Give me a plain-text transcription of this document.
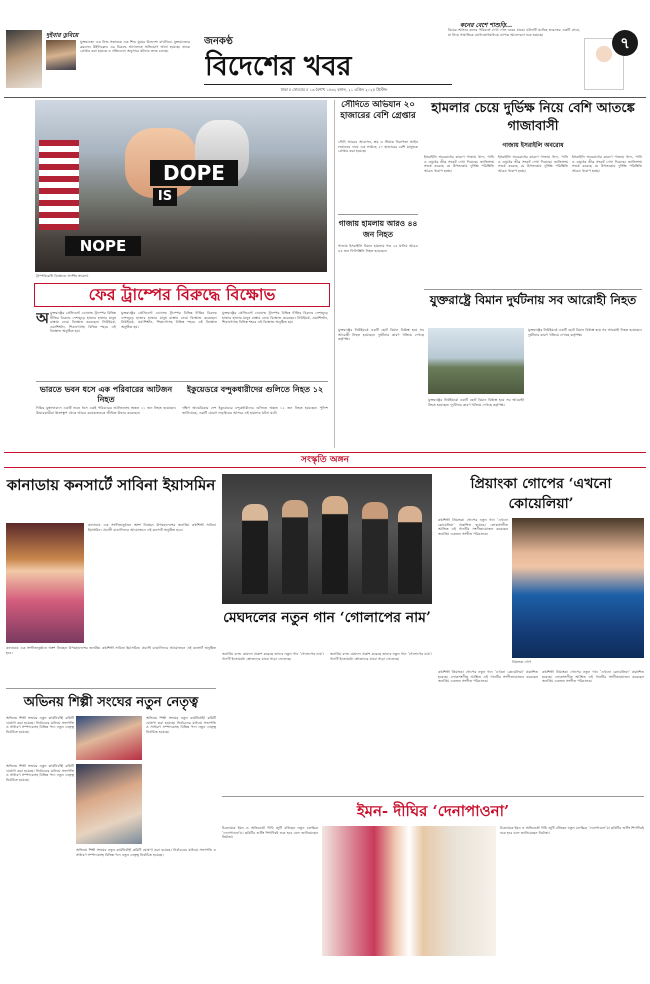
দুইবার ডুবিয়ে
যুক্তরাজ্যে এক নিজ সন্তানকে এক শিশু ঘুমের উদ্দেশ্যে বাথটাবে। যুক্তরাজ্যের ব্রমলেন উইনিফ্রেড এর বিরুদ্ধে আদালতে অভিযোগ আনা হয়েছে। তাকে গ্রেপ্তার করা হয়েছে ও প্রতিবেদন অনুসারে ঘটনার তদন্ত চলছে।
জনকণ্ঠ
বিদেশের খবর
ঢাকা ॥ সোমবার ॥ ১৩ বৈশাখ ১৪৩২ বঙ্গাব্দ, ২১ এপ্রিল ২০২৫ খ্রিস্টাব্দ
কনের বেশে শাশুড়ি...
বিয়ের আসরে কনের পরিবর্তে দেখা গেল বরের মাকে। ঘটনাটি ঘটেছে ভারতের একটি গ্রামে, যা নিয়ে সামাজিক যোগাযোগমাধ্যমে ব্যাপক আলোচনা শুরু হয়েছে।	৭
DOPE
IS
NOPE
ট্রাম্পবিরোধী বিক্ষোভে প্রদর্শিত প্ল্যাকার্ড
ফের ট্রাম্পের বিরুদ্ধে বিক্ষোভ
অ যুক্তরাষ্ট্রের প্রেসিডেন্ট ডোনাল্ড ট্রাম্পের বিভিন্ন নীতির বিরুদ্ধে দেশজুড়ে হাজার হাজার মানুষ রাস্তায় নেমে বিক্ষোভ করেছেন। নিউইয়র্ক, ওয়াশিংটন, শিকাগোসহ বিভিন্ন শহরে এই বিক্ষোভ অনুষ্ঠিত হয়।
যুক্তরাষ্ট্রের প্রেসিডেন্ট ডোনাল্ড ট্রাম্পের বিভিন্ন নীতির বিরুদ্ধে দেশজুড়ে হাজার হাজার মানুষ রাস্তায় নেমে বিক্ষোভ করেছেন। নিউইয়র্ক, ওয়াশিংটন, শিকাগোসহ বিভিন্ন শহরে এই বিক্ষোভ অনুষ্ঠিত হয়।
যুক্তরাষ্ট্রের প্রেসিডেন্ট ডোনাল্ড ট্রাম্পের বিভিন্ন নীতির বিরুদ্ধে দেশজুড়ে হাজার হাজার মানুষ রাস্তায় নেমে বিক্ষোভ করেছেন। নিউইয়র্ক, ওয়াশিংটন, শিকাগোসহ বিভিন্ন শহরে এই বিক্ষোভ অনুষ্ঠিত হয়।
ভারতে ভবন ধসে এক পরিবারের আটজন নিহত
দিল্লির মুস্তাফাবাদে একটি ভবন ধসে একই পরিবারের আটজনসহ অন্তত ১১ জন নিহত হয়েছেন। উদ্ধারকারীরা ধ্বংসস্তূপ থেকে আরও কয়েকজনকে জীবিত উদ্ধার করেছেন।
ইকুয়েডরে বন্দুকধারীদের গুলিতে নিহত ১২
দক্ষিণ আমেরিকার দেশ ইকুয়েডরে বন্দুকধারীদের গুলিতে অন্তত ১২ জন নিহত হয়েছেন। পুলিশ জানিয়েছে, একটি মোরগ লড়াইয়ের আসরে এই হামলার ঘটনা ঘটে।
সৌদিতে অভিযান ২০ হাজারের বেশি গ্রেপ্তার
সৌদি আরবে আবাসন, শ্রম ও সীমান্ত নিরাপত্তা আইন লঙ্ঘনের দায়ে এক সপ্তাহে ২০ হাজারের বেশি মানুষকে গ্রেপ্তার করা হয়েছে।
হামলার চেয়ে দুর্ভিক্ষ নিয়ে বেশি আতঙ্কে গাজাবাসী
গাজায় ইসরাইলি অবরোধ
ইসরাইলি অবরোধের কারণে গাজায় খাদ্য, পানি ও ওষুধের তীব্র সংকট দেখা দিয়েছে। জাতিসংঘ সতর্ক করেছে যে উপত্যকায় দুর্ভিক্ষ পরিস্থিতি আরও খারাপ হচ্ছে।
ইসরাইলি অবরোধের কারণে গাজায় খাদ্য, পানি ও ওষুধের তীব্র সংকট দেখা দিয়েছে। জাতিসংঘ সতর্ক করেছে যে উপত্যকায় দুর্ভিক্ষ পরিস্থিতি আরও খারাপ হচ্ছে।
ইসরাইলি অবরোধের কারণে গাজায় খাদ্য, পানি ও ওষুধের তীব্র সংকট দেখা দিয়েছে। জাতিসংঘ সতর্ক করেছে যে উপত্যকায় দুর্ভিক্ষ পরিস্থিতি আরও খারাপ হচ্ছে।
গাজায় হামলায় আরও ৪৪ জন নিহত
গাজায় ইসরাইলি বিমান হামলায় গত ২৪ ঘণ্টায় আরও ৪৪ জন ফিলিস্তিনি নিহত হয়েছেন।
যুক্তরাষ্ট্রে বিমান দুর্ঘটনায় সব আরোহী নিহত
যুক্তরাষ্ট্রের নিউইয়র্কে একটি ছোট বিমান বিধ্বস্ত হয়ে সব আরোহী নিহত হয়েছেন। দুর্ঘটনার কারণ খতিয়ে দেখছে কর্তৃপক্ষ।
যুক্তরাষ্ট্রের নিউইয়র্কে একটি ছোট বিমান বিধ্বস্ত হয়ে সব আরোহী নিহত হয়েছেন। দুর্ঘটনার কারণ খতিয়ে দেখছে কর্তৃপক্ষ।
যুক্তরাষ্ট্রের নিউইয়র্কে একটি ছোট বিমান বিধ্বস্ত হয়ে সব আরোহী নিহত হয়েছেন। দুর্ঘটনার কারণ খতিয়ে দেখছে কর্তৃপক্ষ।
সংস্কৃতি অঙ্গন
কানাডায় কনসার্টে সাবিনা ইয়াসমিন
কানাডায় এক সংগীতানুষ্ঠানে অংশ নিচ্ছেন উপমহাদেশের জনপ্রিয় কণ্ঠশিল্পী সাবিনা ইয়াসমিন। প্রবাসী বাঙালিদের আয়োজনে এই কনসার্ট অনুষ্ঠিত হবে।
কানাডায় এক সংগীতানুষ্ঠানে অংশ নিচ্ছেন উপমহাদেশের জনপ্রিয় কণ্ঠশিল্পী সাবিনা ইয়াসমিন। প্রবাসী বাঙালিদের আয়োজনে এই কনসার্ট অনুষ্ঠিত হবে।
অভিনয় শিল্পী সংঘের নতুন নেতৃত্ব
অভিনয় শিল্পী সংঘের নতুন কার্যনির্বাহী কমিটি ঘোষণা করা হয়েছে। নির্বাচনের মাধ্যমে সভাপতি ও সাধারণ সম্পাদকসহ বিভিন্ন পদে নতুন নেতৃত্ব নির্বাচিত হয়েছে।
অভিনয় শিল্পী সংঘের নতুন কার্যনির্বাহী কমিটি ঘোষণা করা হয়েছে। নির্বাচনের মাধ্যমে সভাপতি ও সাধারণ সম্পাদকসহ বিভিন্ন পদে নতুন নেতৃত্ব নির্বাচিত হয়েছে।
অভিনয় শিল্পী সংঘের নতুন কার্যনির্বাহী কমিটি ঘোষণা করা হয়েছে। নির্বাচনের মাধ্যমে সভাপতি ও সাধারণ সম্পাদকসহ বিভিন্ন পদে নতুন নেতৃত্ব নির্বাচিত হয়েছে।
অভিনয় শিল্পী সংঘের নতুন কার্যনির্বাহী কমিটি ঘোষণা করা হয়েছে। নির্বাচনের মাধ্যমে সভাপতি ও সাধারণ সম্পাদকসহ বিভিন্ন পদে নতুন নেতৃত্ব নির্বাচিত হয়েছে।
মেঘদলের নতুন গান ‘গোলাপের নাম’
জনপ্রিয় ব্যান্ড মেঘদল প্রকাশ করেছে তাদের নতুন গান ‘গোলাপের নাম’। গানটি ইতোমধ্যে শ্রোতাদের মাঝে সাড়া ফেলেছে।
জনপ্রিয় ব্যান্ড মেঘদল প্রকাশ করেছে তাদের নতুন গান ‘গোলাপের নাম’। গানটি ইতোমধ্যে শ্রোতাদের মাঝে সাড়া ফেলেছে।
প্রিয়াংকা গোপের ‘এখনো কোয়েলিয়া’
কণ্ঠশিল্পী প্রিয়াংকা গোপের নতুন গান ‘এখনো কোয়েলিয়া’ প্রকাশিত হয়েছে। লোকসংগীত আশ্রিত এই গানটির সংগীতায়োজন করেছেন জনপ্রিয় একজন সংগীত পরিচালক।
প্রিয়াংকা গোপ
কণ্ঠশিল্পী প্রিয়াংকা গোপের নতুন গান ‘এখনো কোয়েলিয়া’ প্রকাশিত হয়েছে। লোকসংগীত আশ্রিত এই গানটির সংগীতায়োজন করেছেন জনপ্রিয় একজন সংগীত পরিচালক।
কণ্ঠশিল্পী প্রিয়াংকা গোপের নতুন গান ‘এখনো কোয়েলিয়া’ প্রকাশিত হয়েছে। লোকসংগীত আশ্রিত এই গানটির সংগীতায়োজন করেছেন জনপ্রিয় একজন সংগীত পরিচালক।
ইমন- দীঘির ‘দেনাপাওনা’
চিত্রনায়ক ইমন ও অভিনেত্রী দীঘি জুটি বাঁধছেন নতুন চলচ্চিত্র ‘দেনাপাওনা’য়। ছবিটির শুটিং শিগগিরই শুরু হবে বলে জানিয়েছেন নির্মাতা।
চিত্রনায়ক ইমন ও অভিনেত্রী দীঘি জুটি বাঁধছেন নতুন চলচ্চিত্র ‘দেনাপাওনা’য়। ছবিটির শুটিং শিগগিরই শুরু হবে বলে জানিয়েছেন নির্মাতা।
